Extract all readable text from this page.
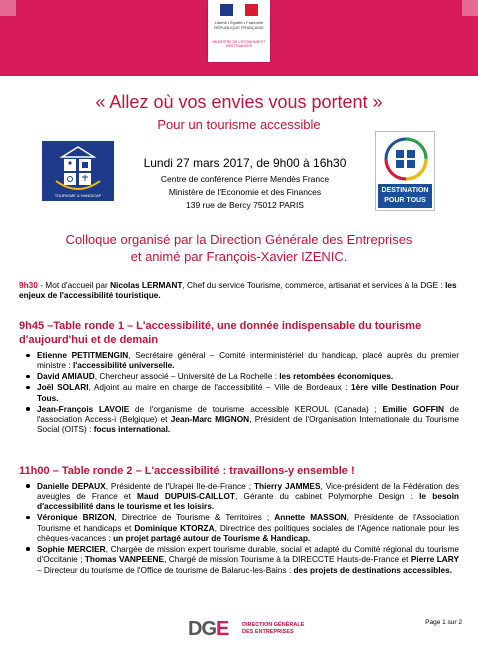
Liberté • Égalité • Fraternité RÉPUBLIQUE FRANÇAISE
MINISTÈRE DE L'ÉCONOMIE ET DES FINANCES
« Allez où vos envies vous portent »
Pour un tourisme accessible
TOURISME & HANDICAP
DESTINATION
POUR TOUS
Lundi 27 mars 2017, de 9h00 à 16h30
Centre de conférence Pierre Mendès France
Ministère de l'Economie et des Finances
139 rue de Bercy 75012 PARIS
Colloque organisé par la Direction Générale des Entreprises
et animé par François-Xavier IZENIC.
9h30 - Mot d'accueil par Nicolas LERMANT, Chef du service Tourisme, commerce, artisanat et services à la DGE : les enjeux de l'accessibilité touristique.
9h45 –Table ronde 1 – L'accessibilité, une donnée indispensable du tourisme d'aujourd'hui et de demain
Etienne PETITMENGIN, Secrétaire général – Comité interministériel du handicap, placé auprès du premier ministre : l'accessibilité universelle.
David AMIAUD, Chercheur associé – Université de La Rochelle : les retombées économiques.
Joël SOLARI, Adjoint au maire en charge de l'accessibilité – Ville de Bordeaux : 1ère ville Destination Pour Tous.
Jean-François LAVOIE de l'organisme de tourisme accessible KEROUL (Canada) ; Emilie GOFFIN de l'association Access-i (Belgique) et Jean-Marc MIGNON, Président de l'Organisation Internationale du Tourisme Social (OITS) : focus international.
11h00 – Table ronde 2 – L'accessibilité : travaillons-y ensemble !
Danielle DEPAUX, Présidente de l'Urapei Ile-de-France ; Thierry JAMMES, Vice-président de la Fédération des aveugles de France et Maud DUPUIS-CAILLOT, Gérante du cabinet Polymorphe Design : le besoin d'accessibilité dans le tourisme et les loisirs.
Véronique BRIZON, Directrice de Tourisme & Territoires ; Annette MASSON, Présidente de l'Association Tourisme et handicaps et Dominique KTORZA, Directrice des politiques sociales de l'Agence nationale pour les chèques-vacances : un projet partagé autour de Tourisme & Handicap.
Sophie MERCIER, Chargée de mission expert tourisme durable, social et adapté du Comité régional du tourisme d'Occitanie ; Thomas VANPEENE, Chargé de mission Tourisme à la DIRECCTE Hauts-de-France et Pierre LARY – Directeur du tourisme de l'Office de tourisme de Balaruc-les-Bains : des projets de destinations accessibles.
DGE DIRECTION GÉNÉRALE
DES ENTREPRISES
Page 1 sur 2
